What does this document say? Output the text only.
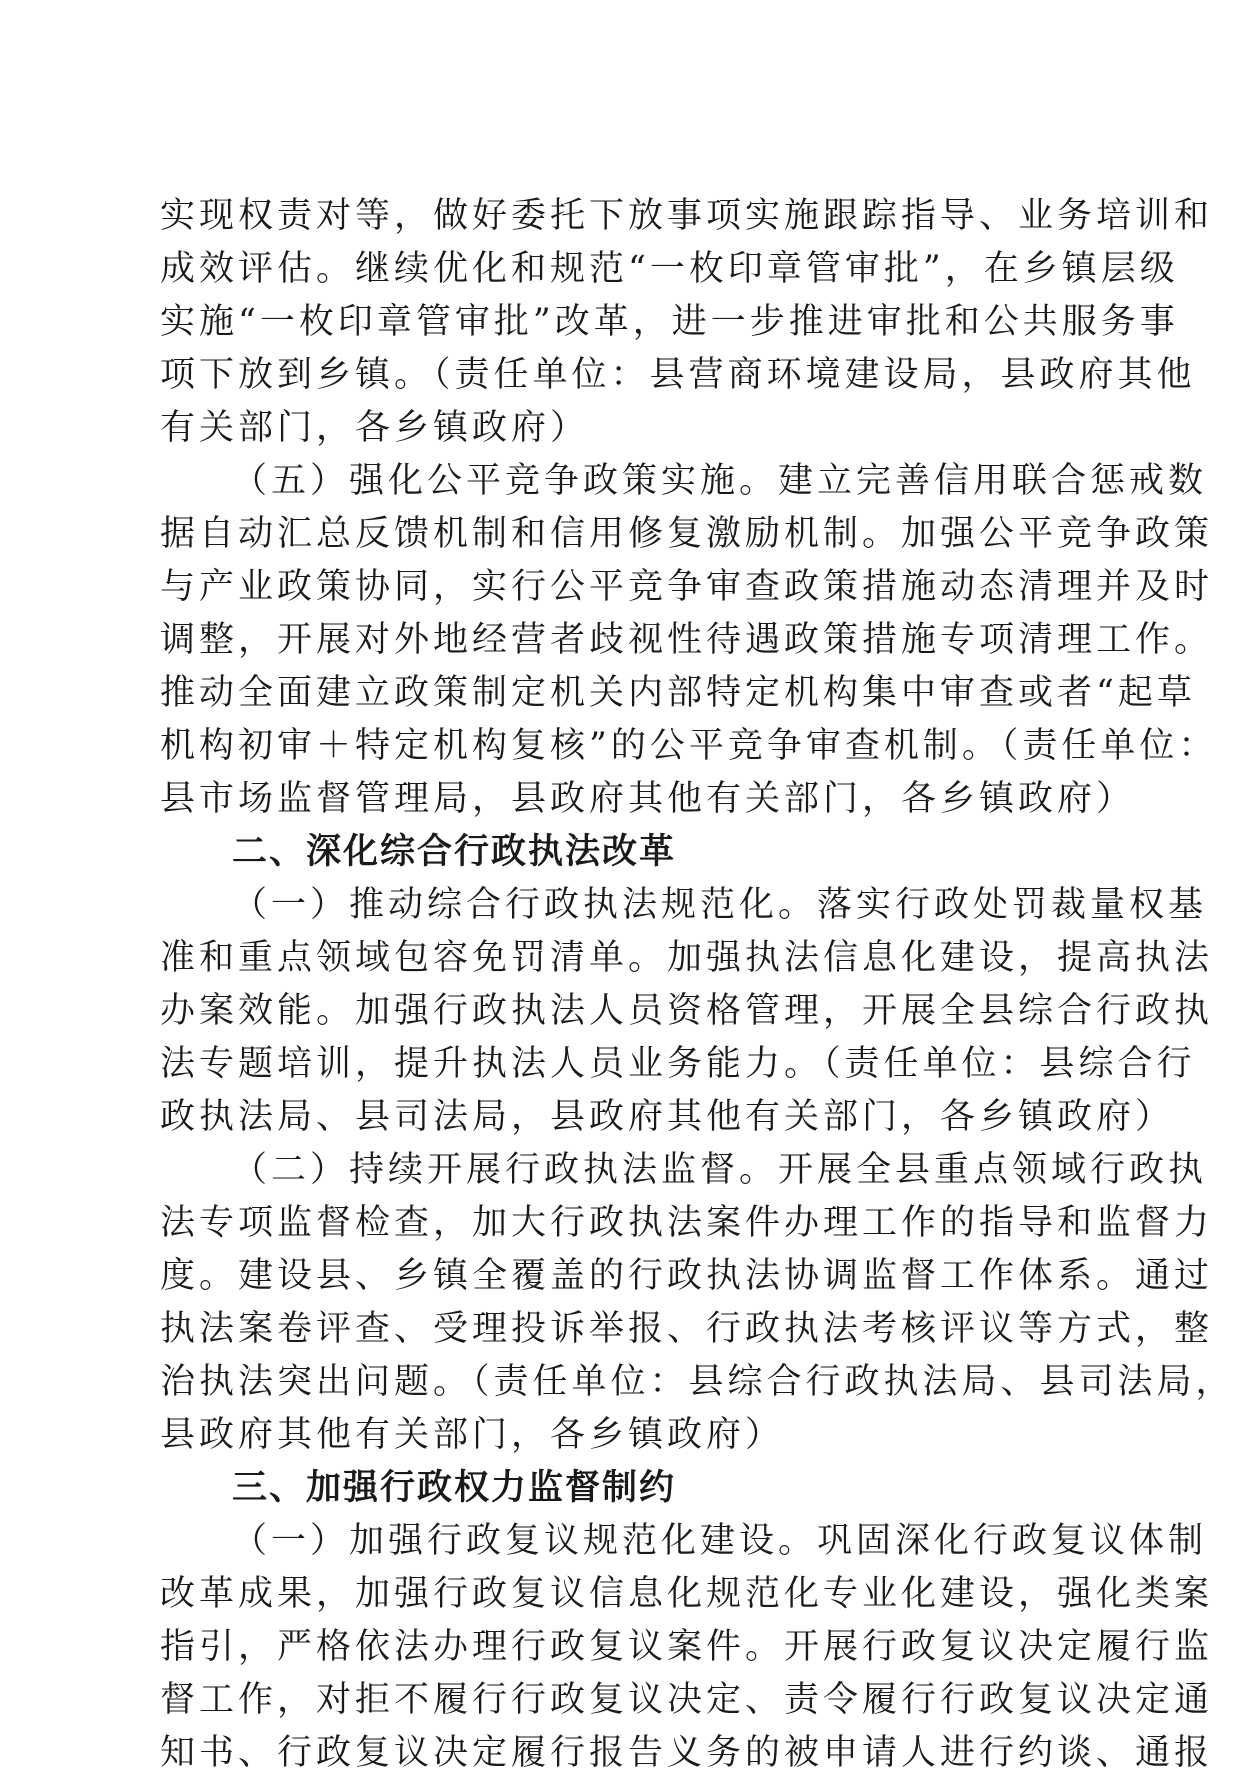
实现权责对等，做好委托下放事项实施跟踪指导、业务培训和
成效评估。继续优化和规范“一枚印章管审批”，在乡镇层级
实施“一枚印章管审批”改革，进一步推进审批和公共服务事
项下放到乡镇。（责任单位：县营商环境建设局，县政府其他
有关部门，各乡镇政府）
（五）强化公平竞争政策实施。建立完善信用联合惩戒数
据自动汇总反馈机制和信用修复激励机制。加强公平竞争政策
与产业政策协同，实行公平竞争审查政策措施动态清理并及时
调整，开展对外地经营者歧视性待遇政策措施专项清理工作。
推动全面建立政策制定机关内部特定机构集中审查或者“起草
机构初审＋特定机构复核”的公平竞争审查机制。（责任单位：
县市场监督管理局，县政府其他有关部门，各乡镇政府）
二、深化综合行政执法改革
（一）推动综合行政执法规范化。落实行政处罚裁量权基
准和重点领域包容免罚清单。加强执法信息化建设，提高执法
办案效能。加强行政执法人员资格管理，开展全县综合行政执
法专题培训，提升执法人员业务能力。（责任单位：县综合行
政执法局、县司法局，县政府其他有关部门，各乡镇政府）
（二）持续开展行政执法监督。开展全县重点领域行政执
法专项监督检查，加大行政执法案件办理工作的指导和监督力
度。建设县、乡镇全覆盖的行政执法协调监督工作体系。通过
执法案卷评查、受理投诉举报、行政执法考核评议等方式，整
治执法突出问题。（责任单位：县综合行政执法局、县司法局，
县政府其他有关部门，各乡镇政府）
三、加强行政权力监督制约
（一）加强行政复议规范化建设。巩固深化行政复议体制
改革成果，加强行政复议信息化规范化专业化建设，强化类案
指引，严格依法办理行政复议案件。开展行政复议决定履行监
督工作，对拒不履行行政复议决定、责令履行行政复议决定通
知书、行政复议决定履行报告义务的被申请人进行约谈、通报
